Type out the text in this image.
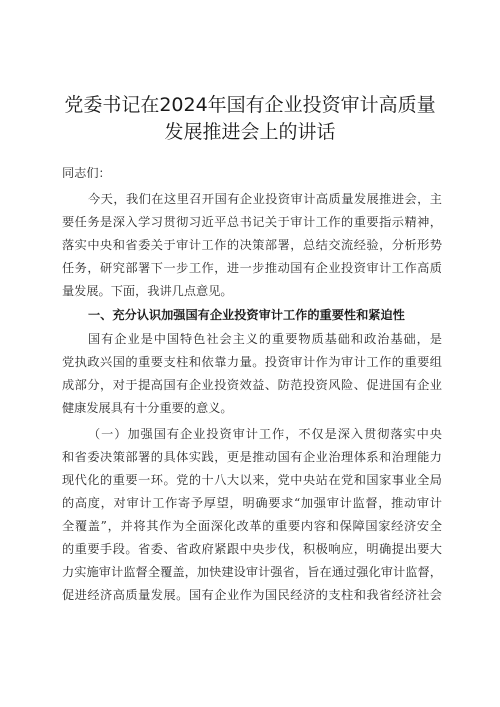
党委书记在2024年国有企业投资审计高质量
发展推进会上的讲话
同志们：
今天，我们在这里召开国有企业投资审计高质量发展推进会，主
要任务是深入学习贯彻习近平总书记关于审计工作的重要指示精神，
落实中央和省委关于审计工作的决策部署，总结交流经验，分析形势
任务，研究部署下一步工作，进一步推动国有企业投资审计工作高质
量发展。下面，我讲几点意见。
一、充分认识加强国有企业投资审计工作的重要性和紧迫性
国有企业是中国特色社会主义的重要物质基础和政治基础，是
党执政兴国的重要支柱和依靠力量。投资审计作为审计工作的重要组
成部分，对于提高国有企业投资效益、防范投资风险、促进国有企业
健康发展具有十分重要的意义。
（一）加强国有企业投资审计工作，不仅是深入贯彻落实中央
和省委决策部署的具体实践，更是推动国有企业治理体系和治理能力
现代化的重要一环。党的十八大以来，党中央站在党和国家事业全局
的高度，对审计工作寄予厚望，明确要求“加强审计监督，推动审计
全覆盖”，并将其作为全面深化改革的重要内容和保障国家经济安全
的重要手段。省委、省政府紧跟中央步伐，积极响应，明确提出要大
力实施审计监督全覆盖，加快建设审计强省，旨在通过强化审计监督，
促进经济高质量发展。国有企业作为国民经济的支柱和我省经济社会
